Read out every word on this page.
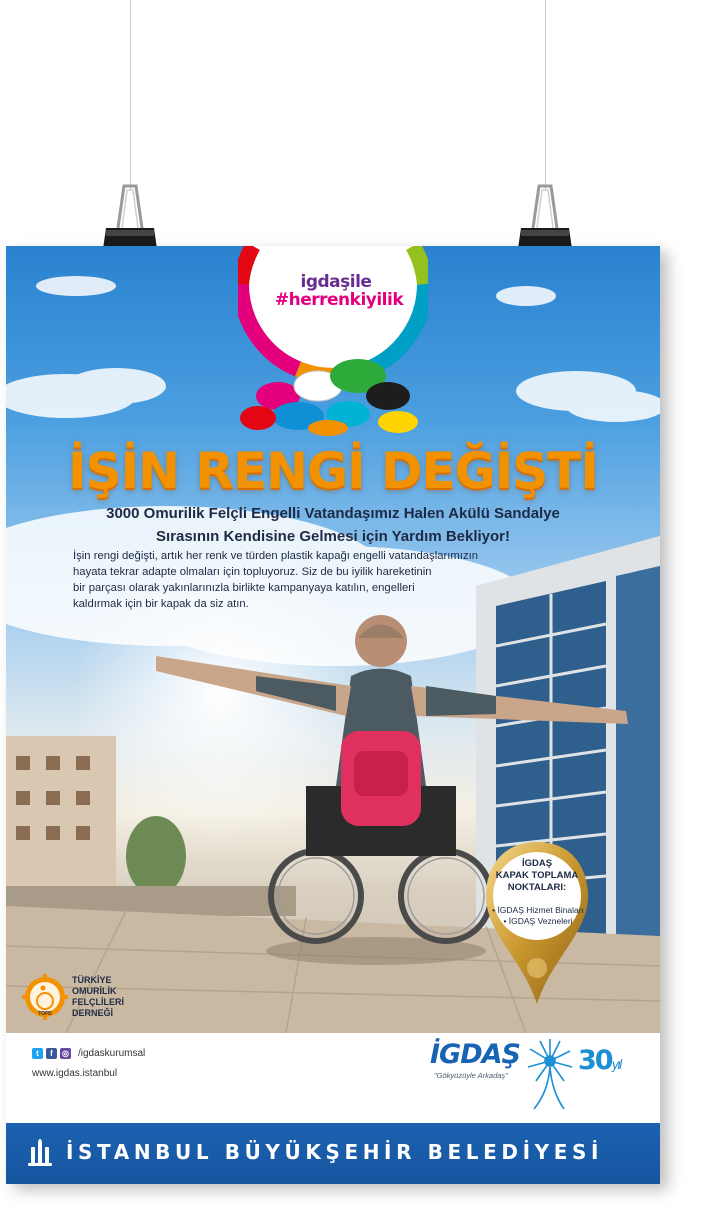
igdaşile
#herrenkiyilik
İŞİN RENGİ DEĞİŞTİ
3000 Omurilik Felçli Engelli Vatandaşımız Halen Akülü Sandalye
Sırasının Kendisine Gelmesi için Yardım Bekliyor!
İşin rengi değişti, artık her renk ve türden plastik kapağı engelli vatandaşlarımızın
hayata tekrar adapte olmaları için topluyoruz. Siz de bu iyilik hareketinin
bir parçası olarak yakınlarınızla birlikte kampanyaya katılın, engelleri
kaldırmak için bir kapak da siz atın.
İGDAŞ
KAPAK TOPLAMA
NOKTALARI:
• İGDAŞ Hizmet Binaları
• İGDAŞ Vezneleri
TOFD
TÜRKİYE
OMURİLİK
FELÇLİLERİ
DERNEĞİ
t	f	◎ /igdaskurumsal
www.igdas.istanbul
İGDAŞ
"Gökyüzüyle Arkadaş"	30yıl
İSTANBUL BÜYÜKŞEHİR BELEDİYESİ
